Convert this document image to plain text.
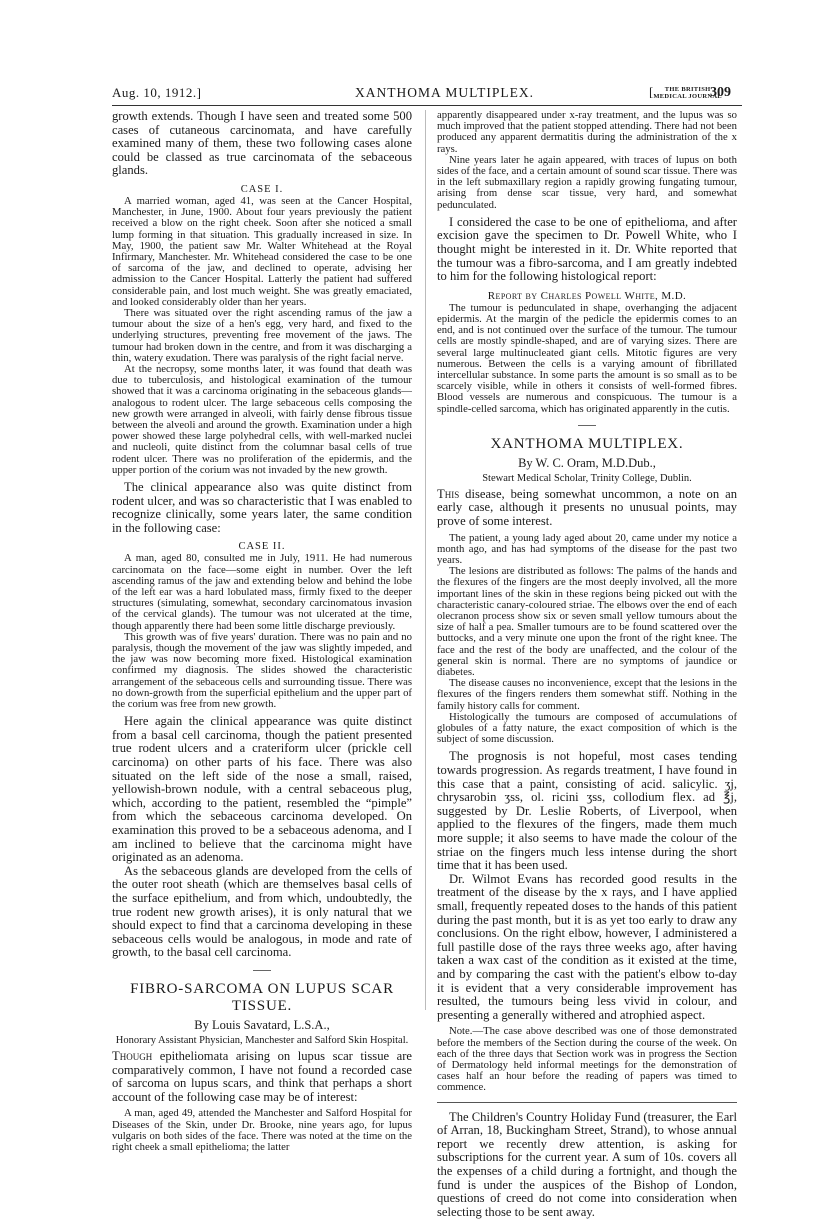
Aug. 10, 1912.]	XANTHOMA MULTIPLEX.	[ THE BRITISH
MEDICAL JOURNAL
309

growth extends. Though I have seen and treated some 500 cases of cutaneous carcinomata, and have carefully examined many of them, these two following cases alone could be classed as true carcinomata of the sebaceous glands.

CASE I.

A married woman, aged 41, was seen at the Cancer Hospital, Manchester, in June, 1900. About four years previously the patient received a blow on the right cheek. Soon after she noticed a small lump forming in that situation. This gradually increased in size. In May, 1900, the patient saw Mr. Walter Whitehead at the Royal Infirmary, Manchester. Mr. Whitehead considered the case to be one of sarcoma of the jaw, and declined to operate, advising her admission to the Cancer Hospital. Latterly the patient had suffered considerable pain, and lost much weight. She was greatly emaciated, and looked considerably older than her years.

There was situated over the right ascending ramus of the jaw a tumour about the size of a hen's egg, very hard, and fixed to the underlying structures, preventing free movement of the jaws. The tumour had broken down in the centre, and from it was discharging a thin, watery exudation. There was paralysis of the right facial nerve.

At the necropsy, some months later, it was found that death was due to tuberculosis, and histological examination of the tumour showed that it was a carcinoma originating in the sebaceous glands—analogous to rodent ulcer. The large sebaceous cells composing the new growth were arranged in alveoli, with fairly dense fibrous tissue between the alveoli and around the growth. Examination under a high power showed these large polyhedral cells, with well-marked nuclei and nucleoli, quite distinct from the columnar basal cells of true rodent ulcer. There was no proliferation of the epidermis, and the upper portion of the corium was not invaded by the new growth.

The clinical appearance also was quite distinct from rodent ulcer, and was so characteristic that I was enabled to recognize clinically, some years later, the same condition in the following case:

CASE II.

A man, aged 80, consulted me in July, 1911. He had numerous carcinomata on the face—some eight in number. Over the left ascending ramus of the jaw and extending below and behind the lobe of the left ear was a hard lobulated mass, firmly fixed to the deeper structures (simulating, somewhat, secondary carcinomatous invasion of the cervical glands). The tumour was not ulcerated at the time, though apparently there had been some little discharge previously.

This growth was of five years' duration. There was no pain and no paralysis, though the movement of the jaw was slightly impeded, and the jaw was now becoming more fixed. Histological examination confirmed my diagnosis. The slides showed the characteristic arrangement of the sebaceous cells and surrounding tissue. There was no down-growth from the superficial epithelium and the upper part of the corium was free from new growth.

Here again the clinical appearance was quite distinct from a basal cell carcinoma, though the patient presented true rodent ulcers and a crateriform ulcer (prickle cell carcinoma) on other parts of his face. There was also situated on the left side of the nose a small, raised, yellowish-brown nodule, with a central sebaceous plug, which, according to the patient, resembled the “pimple” from which the sebaceous carcinoma developed. On examination this proved to be a sebaceous adenoma, and I am inclined to believe that the carcinoma might have originated as an adenoma.

As the sebaceous glands are developed from the cells of the outer root sheath (which are themselves basal cells of the surface epithelium, and from which, undoubtedly, the true rodent new growth arises), it is only natural that we should expect to find that a carcinoma developing in these sebaceous cells would be analogous, in mode and rate of growth, to the basal cell carcinoma.

FIBRO-SARCOMA ON LUPUS SCAR TISSUE.
By Louis Savatard, L.S.A.,
Honorary Assistant Physician, Manchester and Salford Skin Hospital.

Though epitheliomata arising on lupus scar tissue are comparatively common, I have not found a recorded case of sarcoma on lupus scars, and think that perhaps a short account of the following case may be of interest:

A man, aged 49, attended the Manchester and Salford Hospital for Diseases of the Skin, under Dr. Brooke, nine years ago, for lupus vulgaris on both sides of the face. There was noted at the time on the right cheek a small epithelioma; the latter

apparently disappeared under x-ray treatment, and the lupus was so much improved that the patient stopped attending. There had not been produced any apparent dermatitis during the administration of the x rays.

Nine years later he again appeared, with traces of lupus on both sides of the face, and a certain amount of sound scar tissue. There was in the left submaxillary region a rapidly growing fungating tumour, arising from dense scar tissue, very hard, and somewhat pedunculated.

I considered the case to be one of epithelioma, and after excision gave the specimen to Dr. Powell White, who I thought might be interested in it. Dr. White reported that the tumour was a fibro-sarcoma, and I am greatly indebted to him for the following histological report:

Report by Charles Powell White, M.D.

The tumour is pedunculated in shape, overhanging the adjacent epidermis. At the margin of the pedicle the epidermis comes to an end, and is not continued over the surface of the tumour. The tumour cells are mostly spindle-shaped, and are of varying sizes. There are several large multinucleated giant cells. Mitotic figures are very numerous. Between the cells is a varying amount of fibrillated intercellular substance. In some parts the amount is so small as to be scarcely visible, while in others it consists of well-formed fibres. Blood vessels are numerous and conspicuous. The tumour is a spindle-celled sarcoma, which has originated apparently in the cutis.

XANTHOMA MULTIPLEX.
By W. C. Oram, M.D.Dub.,
Stewart Medical Scholar, Trinity College, Dublin.

This disease, being somewhat uncommon, a note on an early case, although it presents no unusual points, may prove of some interest.

The patient, a young lady aged about 20, came under my notice a month ago, and has had symptoms of the disease for the past two years.

The lesions are distributed as follows: The palms of the hands and the flexures of the fingers are the most deeply involved, all the more important lines of the skin in these regions being picked out with the characteristic canary-coloured striae. The elbows over the end of each olecranon process show six or seven small yellow tumours about the size of half a pea. Smaller tumours are to be found scattered over the buttocks, and a very minute one upon the front of the right knee. The face and the rest of the body are unaffected, and the colour of the general skin is normal. There are no symptoms of jaundice or diabetes.

The disease causes no inconvenience, except that the lesions in the flexures of the fingers renders them somewhat stiff. Nothing in the family history calls for comment.

Histologically the tumours are composed of accumulations of globules of a fatty nature, the exact composition of which is the subject of some discussion.

The prognosis is not hopeful, most cases tending towards progression. As regards treatment, I have found in this case that a paint, consisting of acid. salicylic. ʒj, chrysarobin ʒss, ol. ricini ʒss, collodium flex. ad ℥j, suggested by Dr. Leslie Roberts, of Liverpool, when applied to the flexures of the fingers, made them much more supple; it also seems to have made the colour of the striae on the fingers much less intense during the short time that it has been used.

Dr. Wilmot Evans has recorded good results in the treatment of the disease by the x rays, and I have applied small, frequently repeated doses to the hands of this patient during the past month, but it is as yet too early to draw any conclusions. On the right elbow, however, I administered a full pastille dose of the rays three weeks ago, after having taken a wax cast of the condition as it existed at the time, and by comparing the cast with the patient's elbow to-day it is evident that a very considerable improvement has resulted, the tumours being less vivid in colour, and presenting a generally withered and atrophied aspect.

Note.—The case above described was one of those demonstrated before the members of the Section during the course of the week. On each of the three days that Section work was in progress the Section of Dermatology held informal meetings for the demonstration of cases half an hour before the reading of papers was timed to commence.

The Children's Country Holiday Fund (treasurer, the Earl of Arran, 18, Buckingham Street, Strand), to whose annual report we recently drew attention, is asking for subscriptions for the current year. A sum of 10s. covers all the expenses of a child during a fortnight, and though the fund is under the auspices of the Bishop of London, questions of creed do not come into consideration when selecting those to be sent away.
